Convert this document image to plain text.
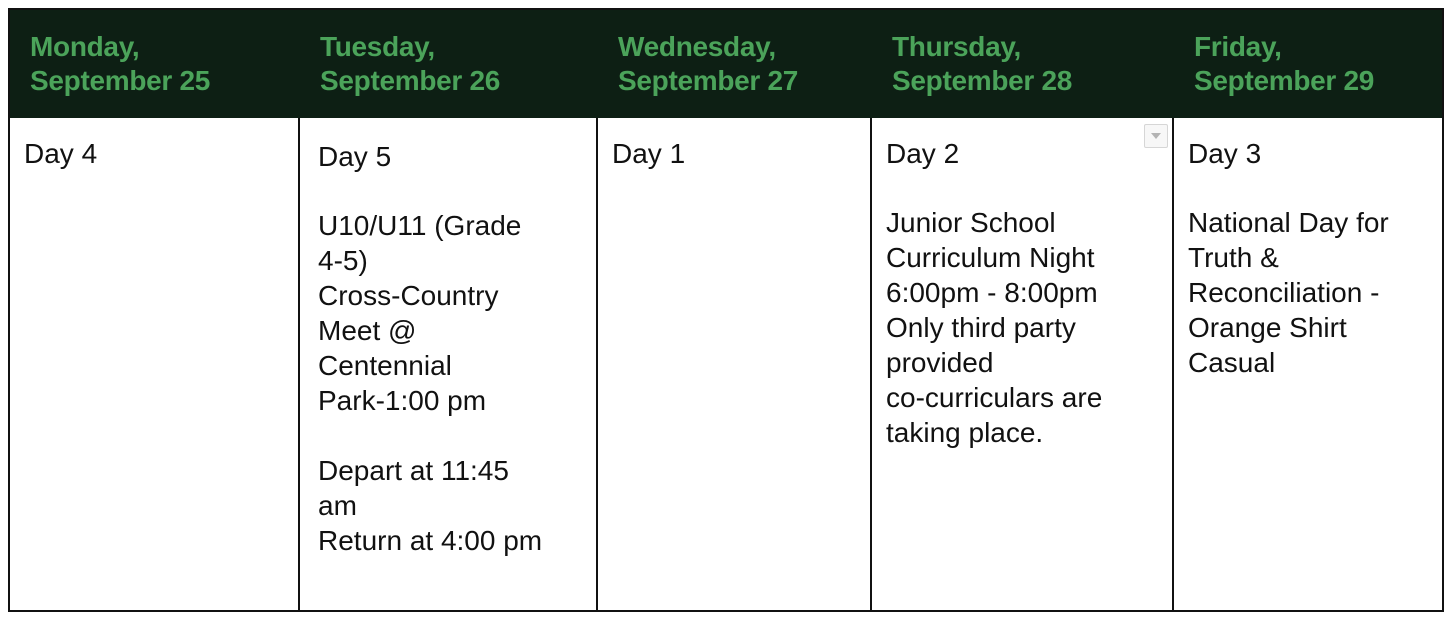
Monday,
September 25
Tuesday,
September 26
Wednesday,
September 27
Thursday,
September 28
Friday,
September 29
Day 4	Day 5
U10/U11 (Grade
4-5)
Cross-Country
Meet @
Centennial
Park-1:00 pm
Depart at 11:45
am
Return at 4:00 pm
Day 1	Day 2
Junior School
Curriculum Night
6:00pm - 8:00pm
Only third party
provided
co-curriculars are
taking place.
Day 3
National Day for
Truth &
Reconciliation -
Orange Shirt
Casual
